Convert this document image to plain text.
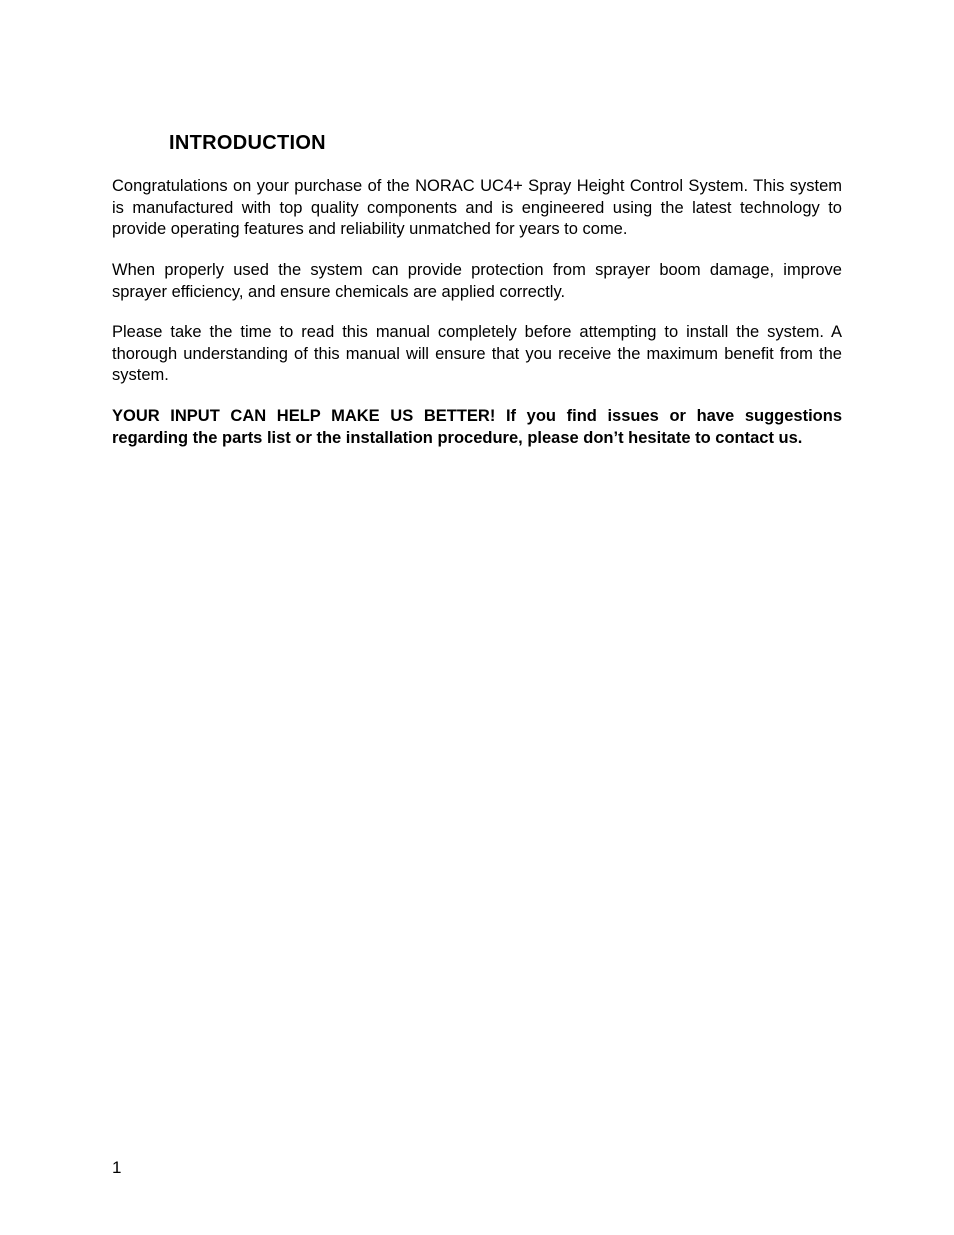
INTRODUCTION

Congratulations on your purchase of the NORAC UC4+ Spray Height Control System. This system is manufactured with top quality components and is engineered using the latest technology to provide operating features and reliability unmatched for years to come.

When properly used the system can provide protection from sprayer boom damage, improve sprayer efficiency, and ensure chemicals are applied correctly.

Please take the time to read this manual completely before attempting to install the system. A thorough understanding of this manual will ensure that you receive the maximum benefit from the system.

YOUR INPUT CAN HELP MAKE US BETTER! If you find issues or have suggestions regarding the parts list or the installation procedure, please don’t hesitate to contact us.

1
